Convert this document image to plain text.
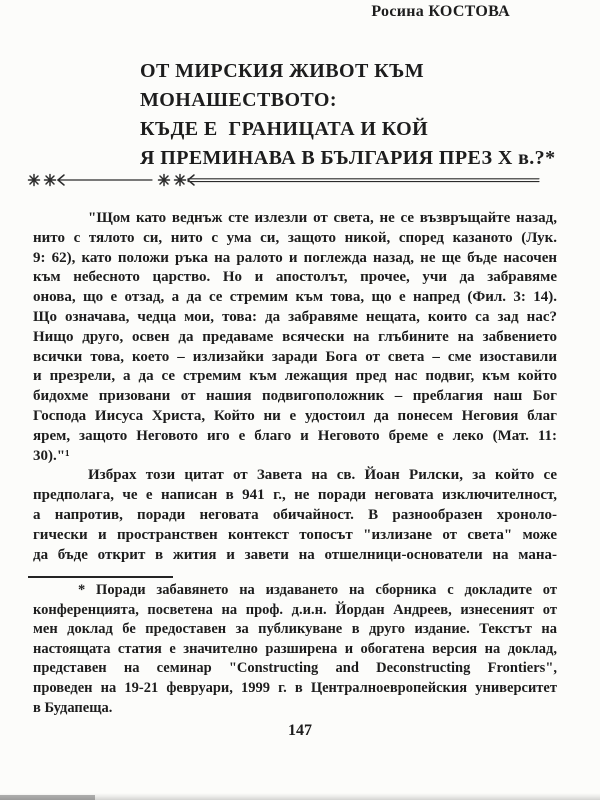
Росина КОСТОВА
ОТ МИРСКИЯ ЖИВОТ КЪМ
МОНАШЕСТВОТО:
КЪДЕ Е  ГРАНИЦАТА И КОЙ
Я ПРЕМИНАВА В БЪЛГАРИЯ ПРЕЗ X в.?*
"Щом като веднъж сте излезли от света, не се възвръщайте назад,
нито с тялото си, нито с ума си, защото никой, според казаното (Лук.
9: 62), като положи ръка на ралото и поглежда назад, не ще бъде насочен
към небесното царство. Но и апостолът, прочее, учи да забравяме
онова, що е отзад, а да се стремим към това, що е напред (Фил. 3: 14).
Що означава, чедца мои, това: да забравяме нещата, които са зад нас?
Нищо друго, освен да предаваме всячески на глъбините на забвението
всички това, което – излизайки заради Бога от света – сме изоставили
и презрели, а да се стремим към лежащия пред нас подвиг, към който
бидохме призовани от нашия подвигоположник – преблагия наш Бог
Господа Иисуса Христа, Който ни е удостоил да понесем Неговия благ
ярем, защото Неговото иго е благо и Неговото бреме е леко (Мат. 11:
30)."¹
Избрах този цитат от Завета на св. Йоан Рилски, за който се
предполага, че е написан в 941 г., не поради неговата изключителност,
а напротив, поради неговата обичайност. В разнообразен хроноло-
гически и пространствен контекст топосът "излизане от света" може
да бъде открит в жития и завети на отшелници-основатели на мана-
* Поради забавянето на издаването на сборника с докладите от
конференцията, посветена на проф. д.и.н. Йордан Андреев, изнесеният от
мен доклад бе предоставен за публикуване в друго издание. Текстът на
настоящата статия е значително разширена и обогатена версия на доклад,
представен на семинар "Constructing and Deconstructing Frontiers",
проведен на 19-21 февруари, 1999 г. в Централноевропейския университет
в Будапеща.
147
